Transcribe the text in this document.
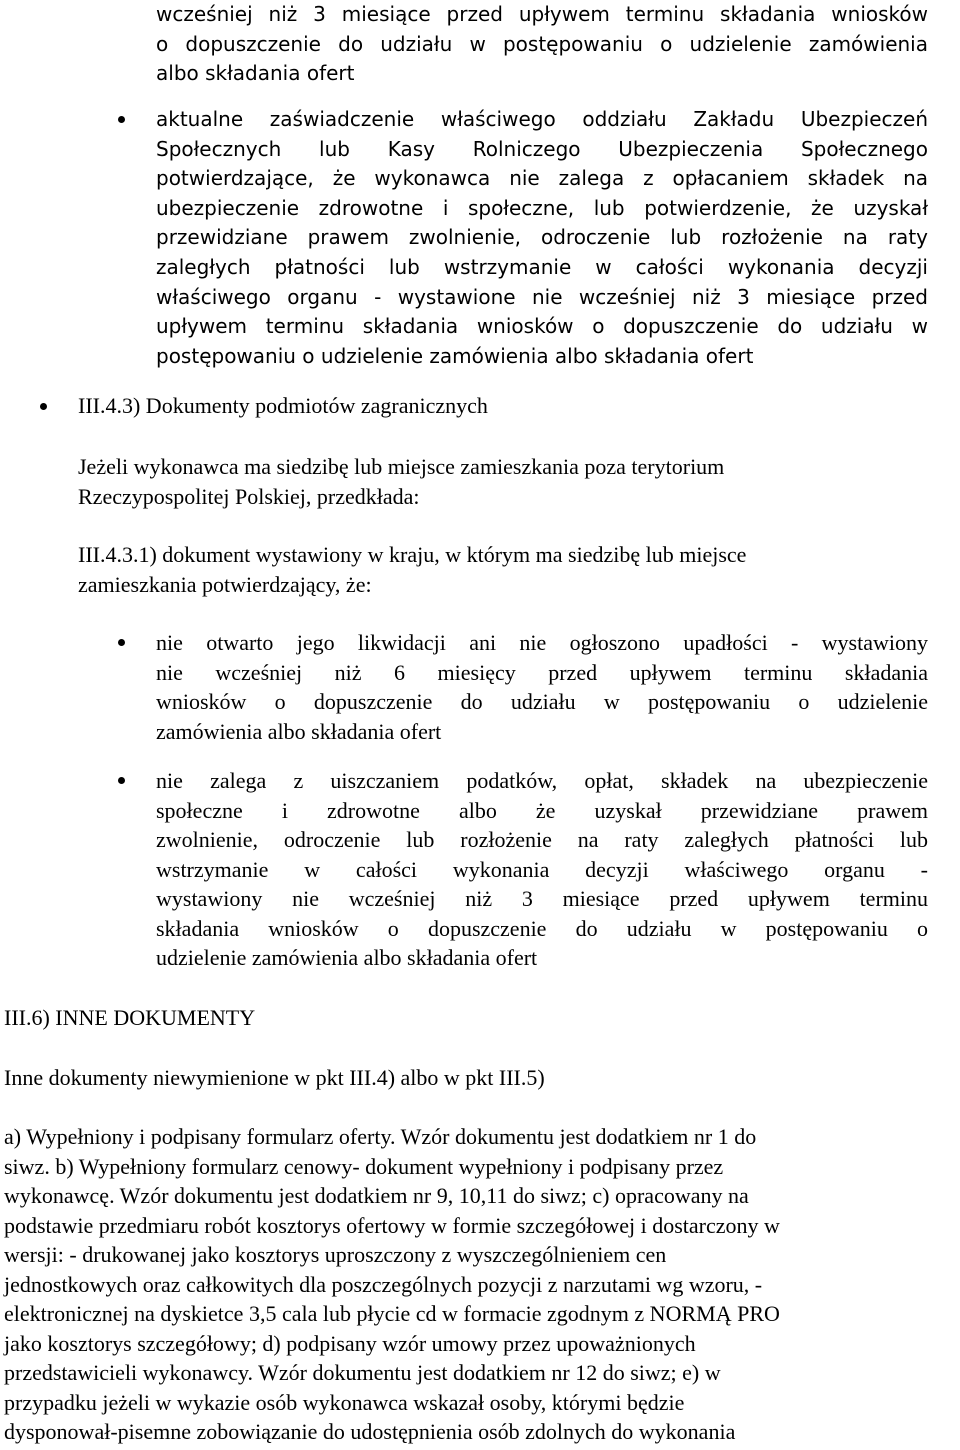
wcześniej niż 3 miesiące przed upływem terminu składania wniosków
o dopuszczenie do udziału w postępowaniu o udzielenie zamówienia
albo składania ofert
aktualne zaświadczenie właściwego oddziału Zakładu Ubezpieczeń
Społecznych lub Kasy Rolniczego Ubezpieczenia Społecznego
potwierdzające, że wykonawca nie zalega z opłacaniem składek na
ubezpieczenie zdrowotne i społeczne, lub potwierdzenie, że uzyskał
przewidziane prawem zwolnienie, odroczenie lub rozłożenie na raty
zaległych płatności lub wstrzymanie w całości wykonania decyzji
właściwego organu - wystawione nie wcześniej niż 3 miesiące przed
upływem terminu składania wniosków o dopuszczenie do udziału w
postępowaniu o udzielenie zamówienia albo składania ofert
III.4.3) Dokumenty podmiotów zagranicznych
Jeżeli wykonawca ma siedzibę lub miejsce zamieszkania poza terytorium
Rzeczypospolitej Polskiej, przedkłada:
III.4.3.1) dokument wystawiony w kraju, w którym ma siedzibę lub miejsce
zamieszkania potwierdzający, że:
nie otwarto jego likwidacji ani nie ogłoszono upadłości - wystawiony
nie wcześniej niż 6 miesięcy przed upływem terminu składania
wniosków o dopuszczenie do udziału w postępowaniu o udzielenie
zamówienia albo składania ofert
nie zalega z uiszczaniem podatków, opłat, składek na ubezpieczenie
społeczne i zdrowotne albo że uzyskał przewidziane prawem
zwolnienie, odroczenie lub rozłożenie na raty zaległych płatności lub
wstrzymanie w całości wykonania decyzji właściwego organu -
wystawiony nie wcześniej niż 3 miesiące przed upływem terminu
składania wniosków o dopuszczenie do udziału w postępowaniu o
udzielenie zamówienia albo składania ofert
III.6) INNE DOKUMENTY
Inne dokumenty niewymienione w pkt III.4) albo w pkt III.5)
a) Wypełniony i podpisany formularz oferty. Wzór dokumentu jest dodatkiem nr 1 do
siwz. b) Wypełniony formularz cenowy- dokument wypełniony i podpisany przez
wykonawcę. Wzór dokumentu jest dodatkiem nr 9, 10,11 do siwz; c) opracowany na
podstawie przedmiaru robót kosztorys ofertowy w formie szczegółowej i dostarczony w
wersji: - drukowanej jako kosztorys uproszczony z wyszczególnieniem cen
jednostkowych oraz całkowitych dla poszczególnych pozycji z narzutami wg wzoru, -
elektronicznej na dyskietce 3,5 cala lub płycie cd w formacie zgodnym z NORMĄ PRO
jako kosztorys szczegółowy; d) podpisany wzór umowy przez upoważnionych
przedstawicieli wykonawcy. Wzór dokumentu jest dodatkiem nr 12 do siwz; e) w
przypadku jeżeli w wykazie osób wykonawca wskazał osoby, którymi będzie
dysponował-pisemne zobowiązanie do udostępnienia osób zdolnych do wykonania
